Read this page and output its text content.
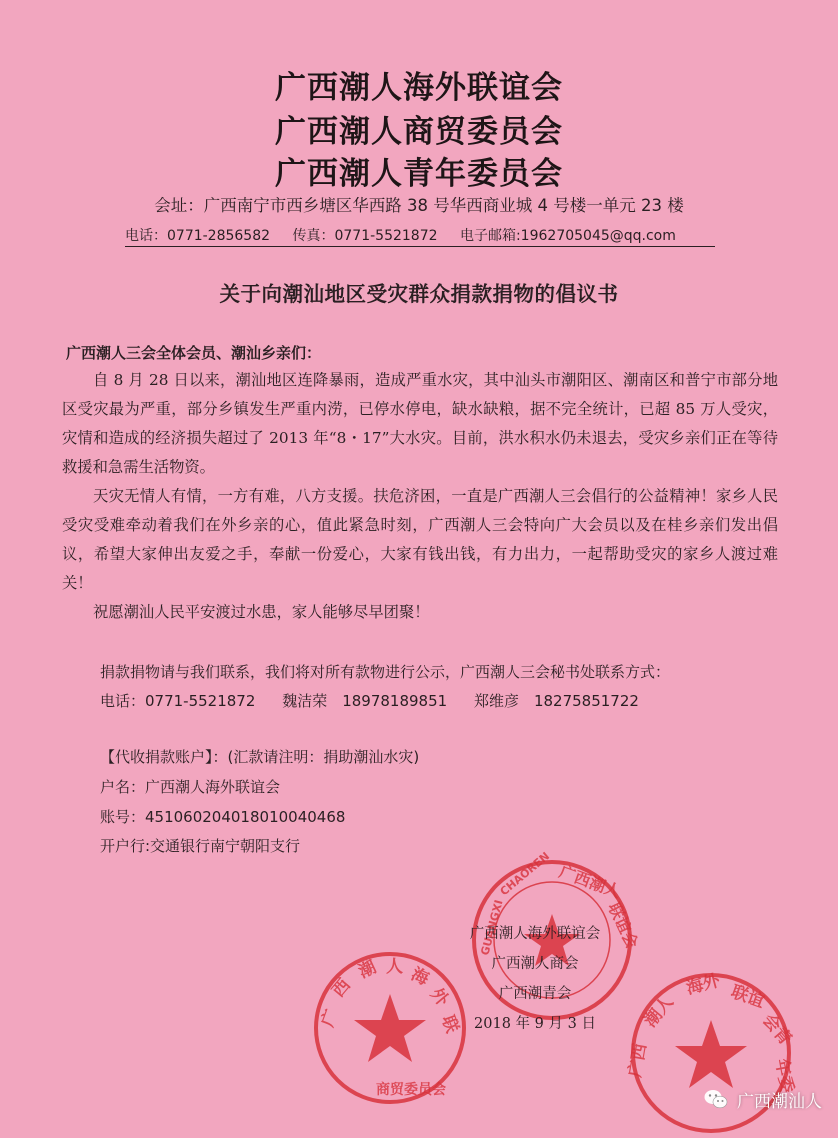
广西潮人海外联谊会
广西潮人商贸委员会
广西潮人青年委员会
会址：广西南宁市西乡塘区华西路 38 号华西商业城 4 号楼一单元 23 楼
电话：0771-2856582 传真：0771-5521872 电子邮箱:1962705045@qq.com
关于向潮汕地区受灾群众捐款捐物的倡议书
广西潮人三会全体会员、潮汕乡亲们：
自 8 月 28 日以来，潮汕地区连降暴雨，造成严重水灾，其中汕头市潮阳区、潮南区和普宁市部分地区受灾最为严重，部分乡镇发生严重内涝，已停水停电，缺水缺粮，据不完全统计，已超 85 万人受灾，灾情和造成的经济损失超过了 2013 年“8・17”大水灾。目前，洪水积水仍未退去，受灾乡亲们正在等待救援和急需生活物资。
天灾无情人有情，一方有难，八方支援。扶危济困，一直是广西潮人三会倡行的公益精神！家乡人民受灾受难牵动着我们在外乡亲的心，值此紧急时刻，广西潮人三会特向广大会员以及在桂乡亲们发出倡议，希望大家伸出友爱之手，奉献一份爱心，大家有钱出钱，有力出力，一起帮助受灾的家乡人渡过难关！
祝愿潮汕人民平安渡过水患，家人能够尽早团聚！
捐款捐物请与我们联系，我们将对所有款物进行公示，广西潮人三会秘书处联系方式：
电话：0771-5521872 魏洁荣　18978189851 郑维彦　18275851722
【代收捐款账户】：(汇款请注明：捐助潮汕水灾)
户名：广西潮人海外联谊会
账号：451060204018010040468
开户行:交通银行南宁朝阳支行
广
西
潮 人 海
外
联
商贸委员会
GUANGXI
CHAOREN 广西潮人
联谊会
广西
潮人
海外 联谊
会青
年委
广西潮人海外联谊会
广西潮人商会
广西潮青会
2018 年 9 月 3 日
广西潮汕人
